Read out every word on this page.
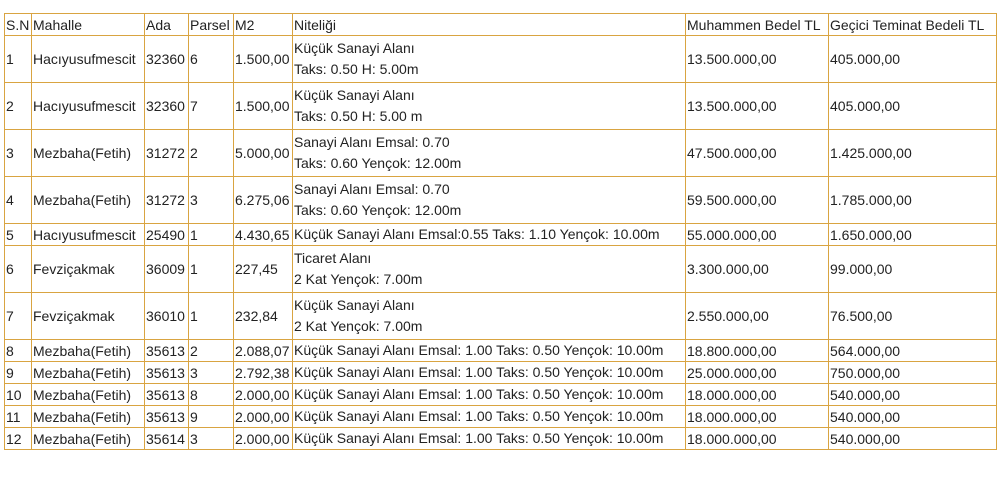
S.N	Mahalle	Ada	Parsel	M2	Niteliği	Muhammen Bedel TL	Geçici Teminat Bedeli TL
1	Hacıyusufmescit	32360	6	1.500,00	Küçük Sanayi Alanı
Taks: 0.50 H: 5.00m	13.500.000,00	405.000,00
2	Hacıyusufmescit	32360	7	1.500,00	Küçük Sanayi Alanı
Taks: 0.50 H: 5.00 m	13.500.000,00	405.000,00
3	Mezbaha(Fetih)	31272	2	5.000,00	Sanayi Alanı Emsal: 0.70
Taks: 0.60 Yençok: 12.00m	47.500.000,00	1.425.000,00
4	Mezbaha(Fetih)	31272	3	6.275,06	Sanayi Alanı Emsal: 0.70
Taks: 0.60 Yençok: 12.00m	59.500.000,00	1.785.000,00
5	Hacıyusufmescit	25490	1	4.430,65	Küçük Sanayi Alanı Emsal:0.55 Taks: 1.10 Yençok: 10.00m	55.000.000,00	1.650.000,00
6	Fevziçakmak	36009	1	227,45	Ticaret Alanı
2 Kat Yençok: 7.00m	3.300.000,00	99.000,00
7	Fevziçakmak	36010	1	232,84	Küçük Sanayi Alanı
2 Kat Yençok: 7.00m	2.550.000,00	76.500,00
8	Mezbaha(Fetih)	35613	2	2.088,07	Küçük Sanayi Alanı Emsal: 1.00 Taks: 0.50 Yençok: 10.00m	18.800.000,00	564.000,00
9	Mezbaha(Fetih)	35613	3	2.792,38	Küçük Sanayi Alanı Emsal: 1.00 Taks: 0.50 Yençok: 10.00m	25.000.000,00	750.000,00
10	Mezbaha(Fetih)	35613	8	2.000,00	Küçük Sanayi Alanı Emsal: 1.00 Taks: 0.50 Yençok: 10.00m	18.000.000,00	540.000,00
11	Mezbaha(Fetih)	35613	9	2.000,00	Küçük Sanayi Alanı Emsal: 1.00 Taks: 0.50 Yençok: 10.00m	18.000.000,00	540.000,00
12	Mezbaha(Fetih)	35614	3	2.000,00	Küçük Sanayi Alanı Emsal: 1.00 Taks: 0.50 Yençok: 10.00m	18.000.000,00	540.000,00
